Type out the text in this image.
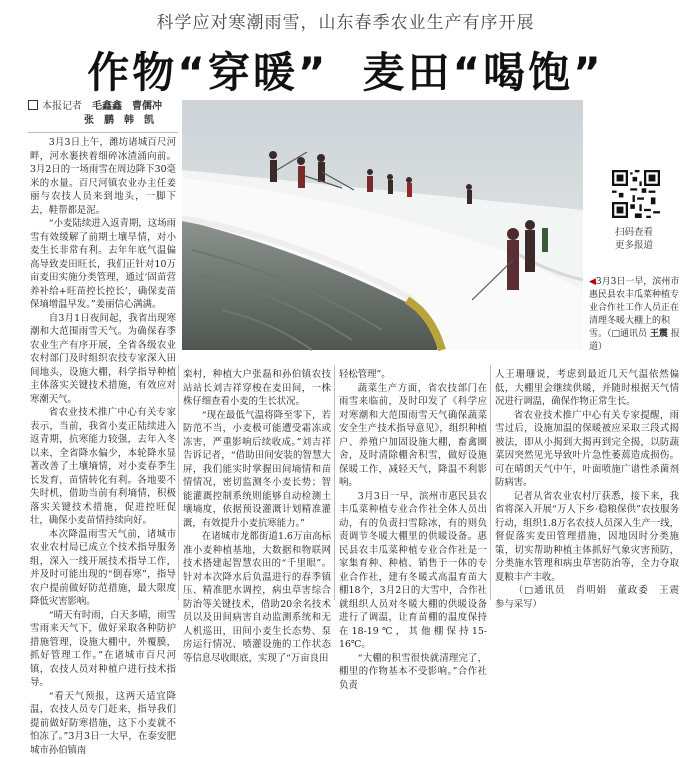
科学应对寒潮雨雪，山东春季农业生产有序开展
作物“穿暖” 麦田“喝饱”
本报记者　 毛鑫鑫　曹儒冲
张　鹏　韩　凯
扫码查看
更多报道
◀3月3日一早，滨州市惠民县农丰瓜菜种植专业合作社工作人员正在清理冬暖大棚上的积雪。（□通讯员 王震 报道）

3月3日上午，潍坊诸城百尺河畔，河水裹挟着细碎冰渣涌向前。3月2日的一场雨雪在周边降下30毫米的水量。百尺河镇农业办主任姜丽与农技人员来到地头，一脚下去，鞋帮都是泥。

“小麦陆续进入返青期，这场雨雪有效缓解了前期土壤旱情，对小麦生长非常有利。去年年底气温偏高导致麦田旺长，我们正针对10万亩麦田实施分类管理，通过‘固苗营养补给+旺苗控长控长’，确保麦苗保墒增温早发。”姜丽信心满满。

自3月1日夜间起，我省出现寒潮和大范围雨雪天气。为确保春季农业生产有序开展，全省各级农业农村部门及时组织农技专家深入田间地头，设施大棚，科学指导种植主体落实关键技术措施，有效应对寒潮天气。

省农业技术推广中心有关专家表示，当前，我省小麦正陆续进入返青期，抗寒能力较强，去年入冬以来，全省降水偏少，本轮降水显著改善了土壤墒情，对小麦春季生长发育，苗情转化有利。各地要不失时机，借助当前有利墒情，积极落实关键技术措施，促进控旺促壮，确保小麦苗情持续向好。

本次降温雨雪天气前，诸城市农业农村局已成立个技术指导服务组，深入一线开展技术指导工作，并及时可能出现的“倒春寒”，指导农户提前做好防范措施，最大限度降低灾害影响。

“晴天有时雨，白天多晴，雨雪雪雨来天气下，做好采取各种防护措施管理，设施大棚中，外覆膜，抓好管理工作。”在诸城市百尺河镇，农技人员对种植户进行技术指导。

“看天气预报，这两天适宜降温，农技人员专门赶来，指导我们提前做好防寒措施，这下小麦就不怕冻了。”3月3日一大早，在泰安肥城市孙伯镇南

栾村，种植大户张磊和孙伯镇农技站站长刘吉祥穿梭在麦田间，一株株仔细查看小麦的生长状况。

“现在最低气温将降至零下，若防范不当，小麦极可能遭受霜冻或冻害，严重影响后续收成。”刘吉祥告诉记者，“借助田间安装的智慧大屏，我们能实时掌握田间墒情和苗情情况，密切监测冬小麦长势；智能灌溉控制系统则能够自动检测土壤墒度，依据预设灌溉计划精准灌溉，有效提升小麦抗寒能力。”

在诸城市龙都街道1.6万亩高标准小麦种植基地，大数据和物联网技术搭建起智慧农田的“千里眼”。针对本次降水后负温进行的春季镇压、精准肥水调控，病虫草害综合防治等关键技术，借助20余名技术员以及田间病害自动监测系统和无人机巡田，田间小麦生长态势、泵房运行情况、喷灌设施的工作状态等信息尽收眼底，实现了“万亩良田

轻松管理”。

蔬菜生产方面，省农技部门在雨雪来临前，及时印发了《科学应对寒潮和大范围雨雪天气确保蔬菜安全生产技术指导意见》，组织种植户、养殖户加固设施大棚，畜禽圈舍，及时清除棚舍积雪，做好设施保暖工作，减轻天气，降温不利影响。

3月3日一早，滨州市惠民县农丰瓜菜种植专业合作社全体人员出动，有的负责扫雪除冰，有的则负责调节冬暖大棚里的供暖设备。惠民县农丰瓜菜种植专业合作社是一家集育种、种植、销售于一体的专业合作社，建有冬暖式高温育苗大棚18个，3月2日的大雪中，合作社就组织人员对冬暖大棚的供暖设备进行了调温，让育苗棚的温度保持在18-19℃，其他棚保持15-16℃。

“大棚的积雪很快就清理完了，棚里的作物基本不受影响。”合作社负责

人王珊珊说，考虑到最近几天气温依然偏低，大棚里会继续供暖，并随时根据天气情况进行调温，确保作物正常生长。

省农业技术推广中心有关专家提醒，雨雪过后，设施加温的保暖被应采取三段式揭被法，即从小揭到大揭再到完全揭，以防蔬菜因突然见光导致叶片急性萎蔫造成损伤。可在晴朗天气中午，叶面喷施广谱性杀菌剂防病害。

记者从省农业农村厅获悉，接下来，我省将深入开展“万人下乡·稳粮保供”农技服务行动，组织1.8万名农技人员深入生产一线，督促落实麦田管理措施，因地因时分类施策，切实帮助种植主体抓好气象灾害预防，分类施水管理和病虫草害防治等，全力夺取夏粮丰产丰收。

（□通讯员　肖明娟　董政委　王震　参与采写）
